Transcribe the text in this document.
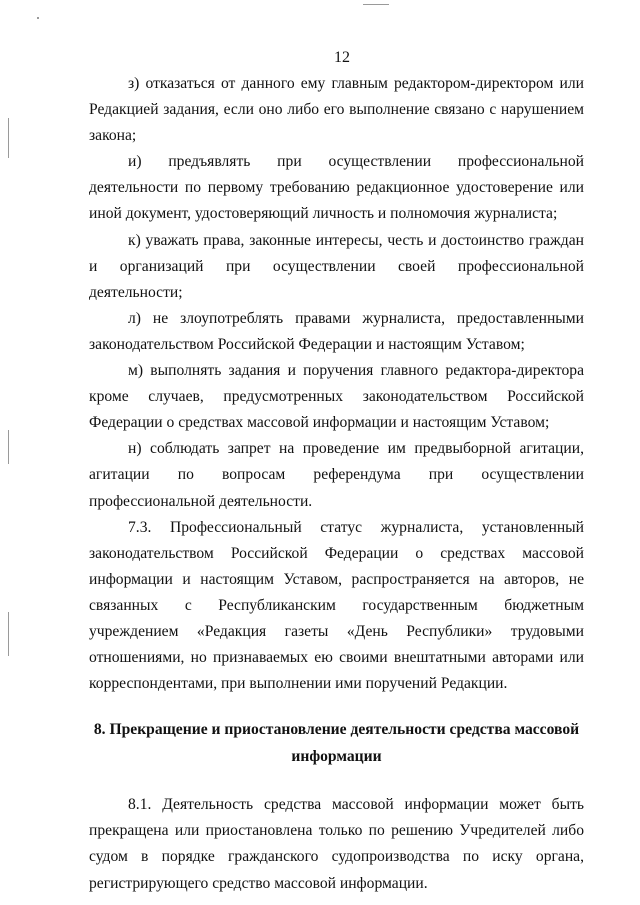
12

з) отказаться от данного ему главным редактором-директором или Редакцией задания, если оно либо его выполнение связано с нарушением закона;

и) предъявлять при осуществлении профессиональной деятельности по первому требованию редакционное удостоверение или иной документ, удостоверяющий личность и полномочия журналиста;

к) уважать права, законные интересы, честь и достоинство граждан и организаций при осуществлении своей профессиональной деятельности;

л) не злоупотреблять правами журналиста, предоставленными законодательством Российской Федерации и настоящим Уставом;

м) выполнять задания и поручения главного редактора-директора кроме случаев, предусмотренных законодательством Российской Федерации о средствах массовой информации и настоящим Уставом;

н) соблюдать запрет на проведение им предвыборной агитации, агитации по вопросам референдума при осуществлении профессиональной деятельности.

7.3. Профессиональный статус журналиста, установленный законодательством Российской Федерации о средствах массовой информации и настоящим Уставом, распространяется на авторов, не связанных с Республиканским государственным бюджетным учреждением «Редакция газеты «День Республики» трудовыми отношениями, но признаваемых ею своими внештатными авторами или корреспондентами, при выполнении ими поручений Редакции.

8. Прекращение и приостановление деятельности средства массовой
информации

8.1. Деятельность средства массовой информации может быть прекращена или приостановлена только по решению Учредителей либо судом в порядке гражданского судопроизводства по иску органа, регистрирующего средство массовой информации.
